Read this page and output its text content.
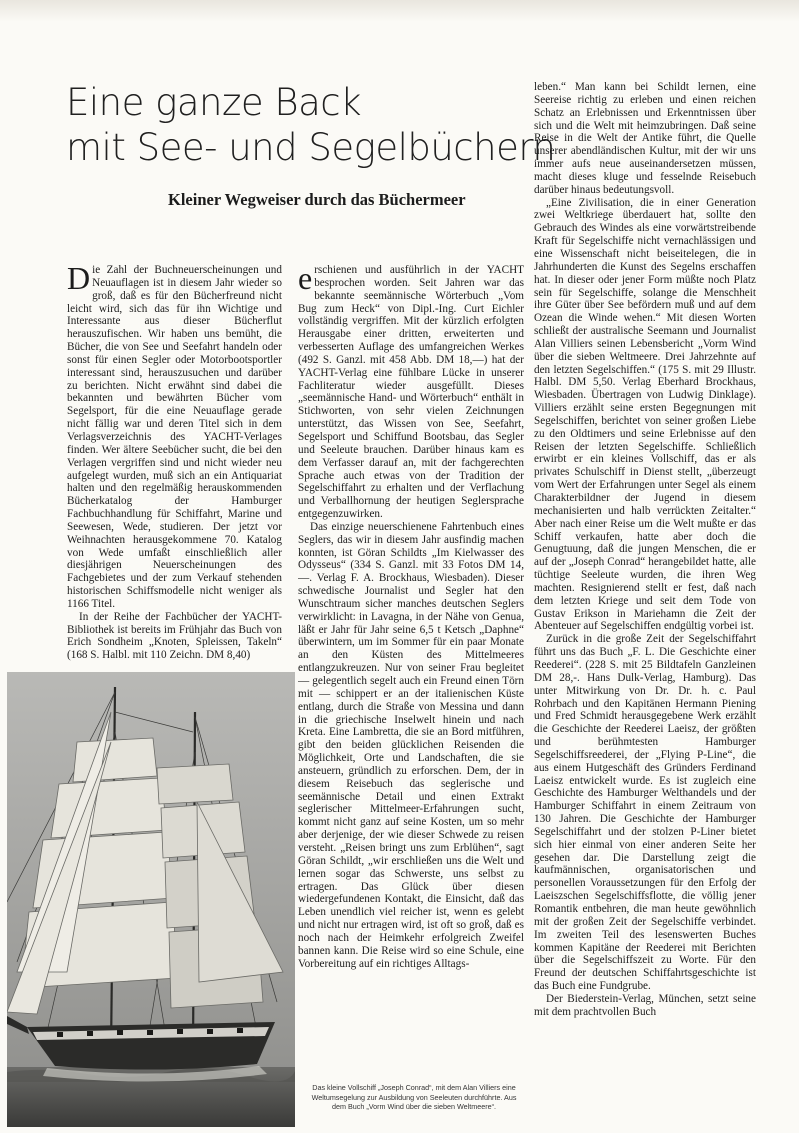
Eine ganze Back
mit See- und Segelbüchern
Kleiner Wegweiser durch das Büchermeer

Die Zahl der Buchneuerscheinungen und Neuauflagen ist in diesem Jahr wieder so groß, daß es für den Bücherfreund nicht leicht wird, sich das für ihn Wichtige und Interessante aus dieser Bücherflut herauszufischen. Wir haben uns bemüht, die Bücher, die von See und Seefahrt handeln oder sonst für einen Segler oder Motorbootsportler interessant sind, herauszusuchen und darüber zu berichten. Nicht erwähnt sind dabei die bekannten und bewährten Bücher vom Segelsport, für die eine Neuauflage gerade nicht fällig war und deren Titel sich in dem Verlagsverzeichnis des YACHT-Verlages finden. Wer ältere Seebücher sucht, die bei den Verlagen vergriffen sind und nicht wieder neu aufgelegt wurden, muß sich an ein Antiquariat halten und den regelmäßig herauskommenden Bücherkatalog der Hamburger Fachbuchhandlung für Schiffahrt, Marine und Seewesen, Wede, studieren. Der jetzt vor Weihnachten herausgekommene 70. Katalog von Wede umfaßt einschließlich aller diesjährigen Neuerscheinungen des Fachgebietes und der zum Verkauf stehenden historischen Schiffsmodelle nicht weniger als 1166 Titel.

In der Reihe der Fachbücher der YACHT-Bibliothek ist bereits im Frühjahr das Buch von Erich Sondheim „Knoten, Spleissen, Takeln“ (168 S. Halbl. mit 110 Zeichn. DM 8,40)

erschienen und ausführlich in der YACHT besprochen worden. Seit Jahren war das bekannte seemännische Wörterbuch „Vom Bug zum Heck“ von Dipl.-Ing. Curt Eichler vollständig vergriffen. Mit der kürzlich erfolgten Herausgabe einer dritten, erweiterten und verbesserten Auflage des umfangreichen Werkes (492 S. Ganzl. mit 458 Abb. DM 18,—) hat der YACHT-Verlag eine fühlbare Lücke in unserer Fachliteratur wieder ausgefüllt. Dieses „seemännische Hand- und Wörterbuch“ enthält in Stichworten, von sehr vielen Zeichnungen unterstützt, das Wissen von See, Seefahrt, Segelsport und Schiffund Bootsbau, das Segler und Seeleute brauchen. Darüber hinaus kam es dem Verfasser darauf an, mit der fachgerechten Sprache auch etwas von der Tradition der Segelschiffahrt zu erhalten und der Verflachung und Verballhornung der heutigen Seglersprache entgegenzuwirken.

Das einzige neuerschienene Fahrtenbuch eines Seglers, das wir in diesem Jahr ausfindig machen konnten, ist Göran Schildts „Im Kielwasser des Odysseus“ (334 S. Ganzl. mit 33 Fotos DM 14,—. Verlag F. A. Brockhaus, Wiesbaden). Dieser schwedische Journalist und Segler hat den Wunschtraum sicher manches deutschen Seglers verwirklicht: in Lavagna, in der Nähe von Genua, läßt er Jahr für Jahr seine 6,5 t Ketsch „Daphne“ überwintern, um im Sommer für ein paar Monate an den Küsten des Mittelmeeres entlangzukreuzen. Nur von seiner Frau begleitet — gelegentlich segelt auch ein Freund einen Törn mit — schippert er an der italienischen Küste entlang, durch die Straße von Messina und dann in die griechische Inselwelt hinein und nach Kreta. Eine Lambretta, die sie an Bord mitführen, gibt den beiden glücklichen Reisenden die Möglichkeit, Orte und Landschaften, die sie ansteuern, gründlich zu erforschen. Dem, der in diesem Reisebuch das seglerische und seemännische Detail und einen Extrakt seglerischer Mittelmeer-Erfahrungen sucht, kommt nicht ganz auf seine Kosten, um so mehr aber derjenige, der wie dieser Schwede zu reisen versteht. „Reisen bringt uns zum Erblühen“, sagt Göran Schildt, „wir erschließen uns die Welt und lernen sogar das Schwerste, uns selbst zu ertragen. Das Glück über diesen wiedergefundenen Kontakt, die Einsicht, daß das Leben unendlich viel reicher ist, wenn es gelebt und nicht nur ertragen wird, ist oft so groß, daß es noch nach der Heimkehr erfolgreich Zweifel bannen kann. Die Reise wird so eine Schule, eine Vorbereitung auf ein richtiges Alltags-

leben.“ Man kann bei Schildt lernen, eine Seereise richtig zu erleben und einen reichen Schatz an Erlebnissen und Erkenntnissen über sich und die Welt mit heimzubringen. Daß seine Reise in die Welt der Antike führt, die Quelle unserer abendländischen Kultur, mit der wir uns immer aufs neue auseinandersetzen müssen, macht dieses kluge und fesselnde Reisebuch darüber hinaus bedeutungsvoll.

„Eine Zivilisation, die in einer Generation zwei Weltkriege überdauert hat, sollte den Gebrauch des Windes als eine vorwärtstreibende Kraft für Segelschiffe nicht vernachlässigen und eine Wissenschaft nicht beiseitelegen, die in Jahrhunderten die Kunst des Segelns erschaffen hat. In dieser oder jener Form müßte noch Platz sein für Segelschiffe, solange die Menschheit ihre Güter über See befördern muß und auf dem Ozean die Winde wehen.“ Mit diesen Worten schließt der australische Seemann und Journalist Alan Villiers seinen Lebensbericht „Vorm Wind über die sieben Weltmeere. Drei Jahrzehnte auf den letzten Segelschiffen.“ (175 S. mit 29 Illustr. Halbl. DM 5,50. Verlag Eberhard Brockhaus, Wiesbaden. Übertragen von Ludwig Dinklage). Villiers erzählt seine ersten Begegnungen mit Segelschiffen, berichtet von seiner großen Liebe zu den Oldtimers und seine Erlebnisse auf den Reisen der letzten Segelschiffe. Schließlich erwirbt er ein kleines Vollschiff, das er als privates Schulschiff in Dienst stellt, „überzeugt vom Wert der Erfahrungen unter Segel als einem Charakterbildner der Jugend in diesem mechanisierten und halb verrückten Zeitalter.“ Aber nach einer Reise um die Welt mußte er das Schiff verkaufen, hatte aber doch die Genugtuung, daß die jungen Menschen, die er auf der „Joseph Conrad“ herangebildet hatte, alle tüchtige Seeleute wurden, die ihren Weg machten. Resignierend stellt er fest, daß nach dem letzten Kriege und seit dem Tode von Gustav Erikson in Mariehamn die Zeit der Abenteuer auf Segelschiffen endgültig vorbei ist.

Zurück in die große Zeit der Segelschiffahrt führt uns das Buch „F. L. Die Geschichte einer Reederei“. (228 S. mit 25 Bildtafeln Ganzleinen DM 28,-. Hans Dulk-Verlag, Hamburg). Das unter Mitwirkung von Dr. Dr. h. c. Paul Rohrbach und den Kapitänen Hermann Piening und Fred Schmidt herausgegebene Werk erzählt die Geschichte der Reederei Laeisz, der größten und berühmtesten Hamburger Segelschiffsreederei, der „Flying P-Line“, die aus einem Hutgeschäft des Gründers Ferdinand Laeisz entwickelt wurde. Es ist zugleich eine Geschichte des Hamburger Welthandels und der Hamburger Schiffahrt in einem Zeitraum von 130 Jahren. Die Geschichte der Hamburger Segelschiffahrt und der stolzen P-Liner bietet sich hier einmal von einer anderen Seite her gesehen dar. Die Darstellung zeigt die kaufmännischen, organisatorischen und personellen Voraussetzungen für den Erfolg der Laeiszschen Segelschiffsflotte, die völlig jener Romantik entbehren, die man heute gewöhnlich mit der großen Zeit der Segelschiffe verbindet. Im zweiten Teil des lesenswerten Buches kommen Kapitäne der Reederei mit Berichten über die Segelschiffszeit zu Worte. Für den Freund der deutschen Schiffahrtsgeschichte ist das Buch eine Fundgrube.

Der Biederstein-Verlag, München, setzt seine mit dem prachtvollen Buch

Das kleine Vollschiff „Joseph Conrad“, mit dem Alan Villiers eine Weltumsegelung zur Ausbildung von Seeleuten durchführte. Aus dem Buch „Vorm Wind über die sieben Weltmeere“.
